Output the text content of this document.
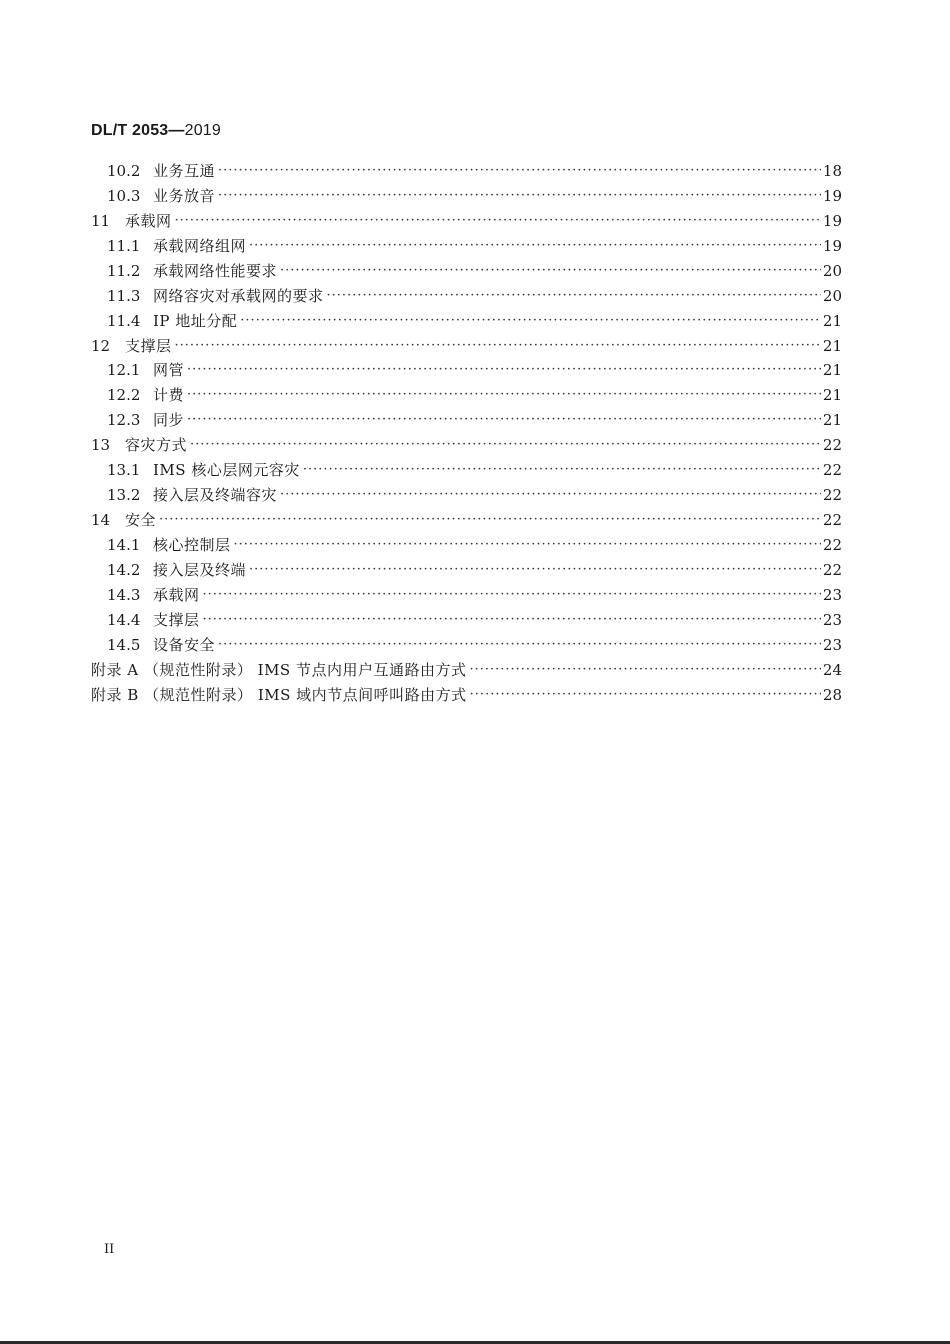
DL/T 2053—2019
10.2 业务互通 ·····	18
10.3 业务放音 ·····	19
11 承载网 ·····	19
11.1 承载网络组网 ·····	19
11.2 承载网络性能要求 ·····	20
11.3 网络容灾对承载网的要求 ·····	20
11.4 IP 地址分配 ·····	21
12 支撑层 ·····	21
12.1 网管 ·····	21
12.2 计费 ·····	21
12.3 同步 ·····	21
13 容灾方式 ·····	22
13.1 IMS 核心层网元容灾 ·····	22
13.2 接入层及终端容灾 ·····	22
14 安全 ·····	22
14.1 核心控制层 ·····	22
14.2 接入层及终端 ·····	22
14.3 承载网 ·····	23
14.4 支撑层 ·····	23
14.5 设备安全 ·····	23
附录 A （规范性附录） IMS 节点内用户互通路由方式 ·····	24
附录 B （规范性附录） IMS 域内节点间呼叫路由方式 ·····	28
II
